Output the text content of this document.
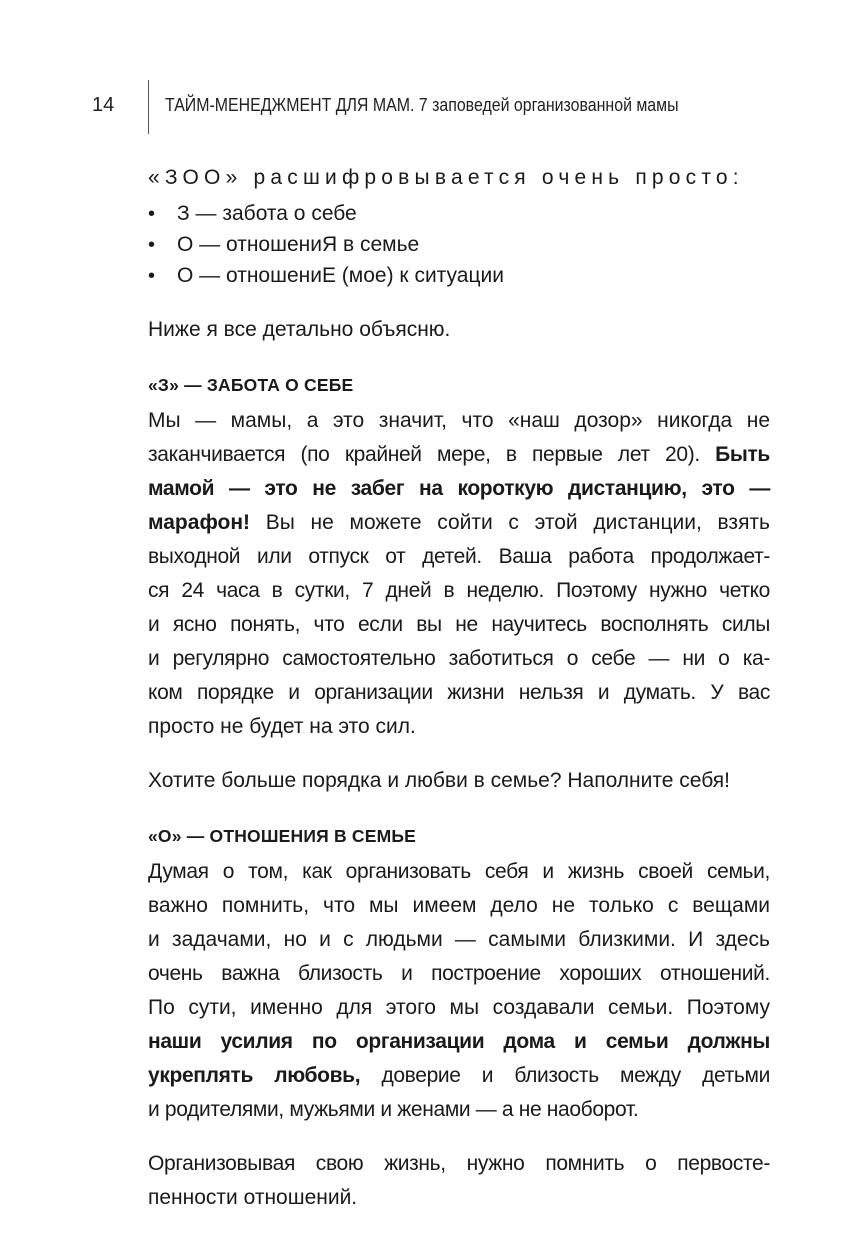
14	ТАЙМ-МЕНЕДЖМЕНТ ДЛЯ МАМ. 7 заповедей организованной мамы
«ЗОО» расшифровывается очень просто:
• З — забота о себе
• О — отношениЯ в семье
• О — отношениЕ (мое) к ситуации
Ниже я все детально объясню.
«З» — ЗАБОТА О СЕБЕ
Мы — мамы, а это значит, что «наш дозор» никогда не
заканчивается (по крайней мере, в первые лет 20). Быть
мамой — это не забег на короткую дистанцию, это —
марафон! Вы не можете сойти с этой дистанции, взять
выходной или отпуск от детей. Ваша работа продолжает-
ся 24 часа в сутки, 7 дней в неделю. Поэтому нужно четко
и ясно понять, что если вы не научитесь восполнять силы
и регулярно самостоятельно заботиться о себе — ни о ка-
ком порядке и организации жизни нельзя и думать. У вас
просто не будет на это сил.
Хотите больше порядка и любви в семье? Наполните себя!
«О» — ОТНОШЕНИЯ В СЕМЬЕ
Думая о том, как организовать себя и жизнь своей семьи,
важно помнить, что мы имеем дело не только с вещами
и задачами, но и с людьми — самыми близкими. И здесь
очень важна близость и построение хороших отношений.
По сути, именно для этого мы создавали семьи. Поэтому
наши усилия по организации дома и семьи должны
укреплять любовь, доверие и близость между детьми
и родителями, мужьями и женами — а не наоборот.
Организовывая свою жизнь, нужно помнить о первосте-
пенности отношений.
